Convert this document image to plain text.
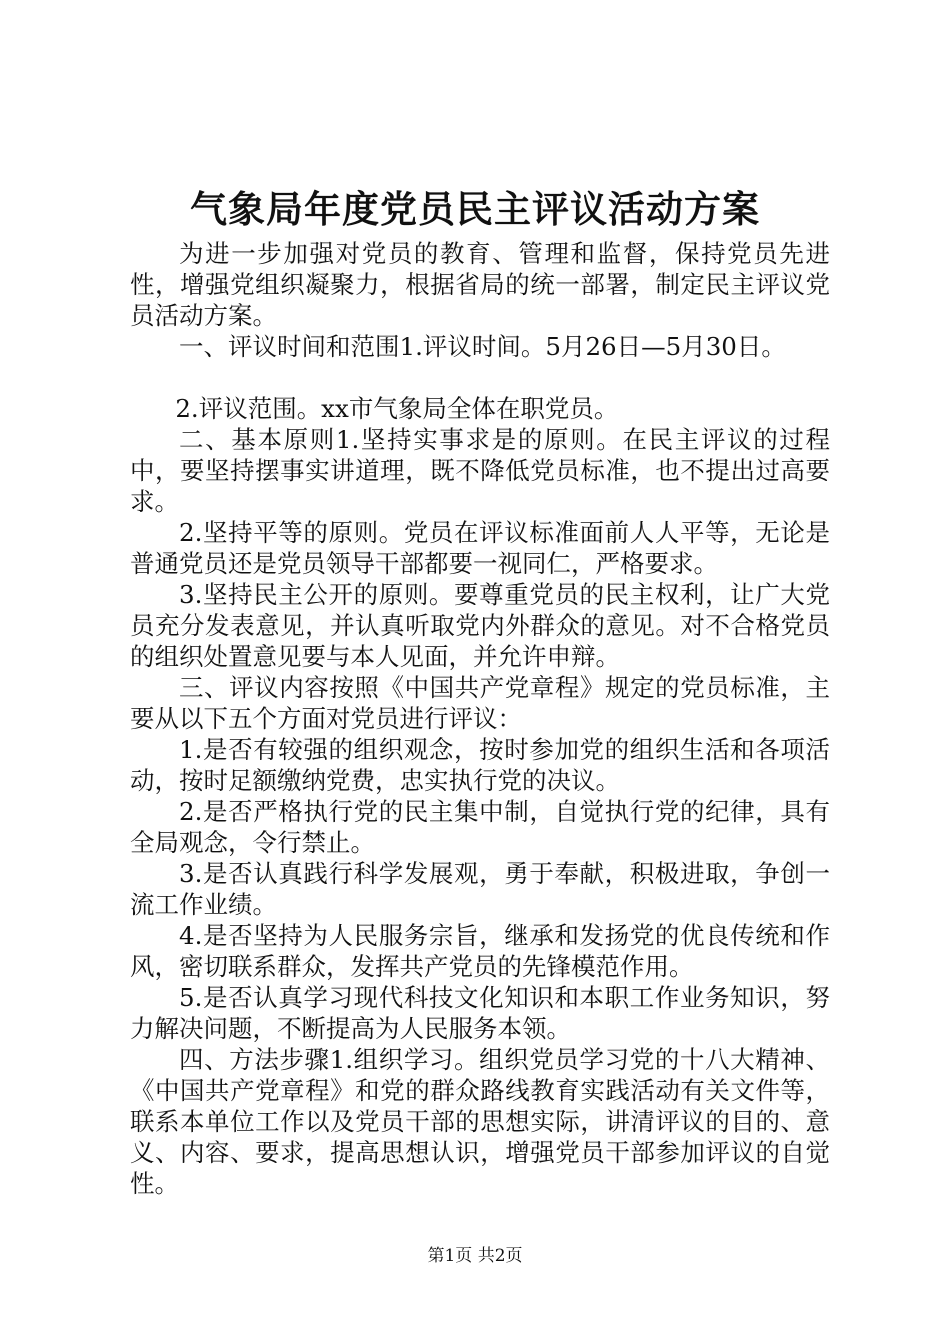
气象局年度党员民主评议活动方案

为进一步加强对党员的教育、管理和监督，保持党员先进性，增强党组织凝聚力，根据省局的统一部署，制定民主评议党员活动方案。

一、评议时间和范围1.评议时间。5月26日—5月30日。

2.评议范围。xx市气象局全体在职党员。

二、基本原则1.坚持实事求是的原则。在民主评议的过程中，要坚持摆事实讲道理，既不降低党员标准，也不提出过高要求。

2.坚持平等的原则。党员在评议标准面前人人平等，无论是普通党员还是党员领导干部都要一视同仁，严格要求。

3.坚持民主公开的原则。要尊重党员的民主权利，让广大党员充分发表意见，并认真听取党内外群众的意见。对不合格党员的组织处置意见要与本人见面，并允许申辩。

三、评议内容按照《中国共产党章程》规定的党员标准，主要从以下五个方面对党员进行评议：

1.是否有较强的组织观念，按时参加党的组织生活和各项活动，按时足额缴纳党费，忠实执行党的决议。

2.是否严格执行党的民主集中制，自觉执行党的纪律，具有全局观念，令行禁止。

3.是否认真践行科学发展观，勇于奉献，积极进取，争创一流工作业绩。

4.是否坚持为人民服务宗旨，继承和发扬党的优良传统和作风，密切联系群众，发挥共产党员的先锋模范作用。

5.是否认真学习现代科技文化知识和本职工作业务知识，努力解决问题，不断提高为人民服务本领。

四、方法步骤1.组织学习。组织党员学习党的十八大精神、《中国共产党章程》和党的群众路线教育实践活动有关文件等，联系本单位工作以及党员干部的思想实际，讲清评议的目的、意义、内容、要求，提高思想认识，增强党员干部参加评议的自觉性。

第1页 共2页
